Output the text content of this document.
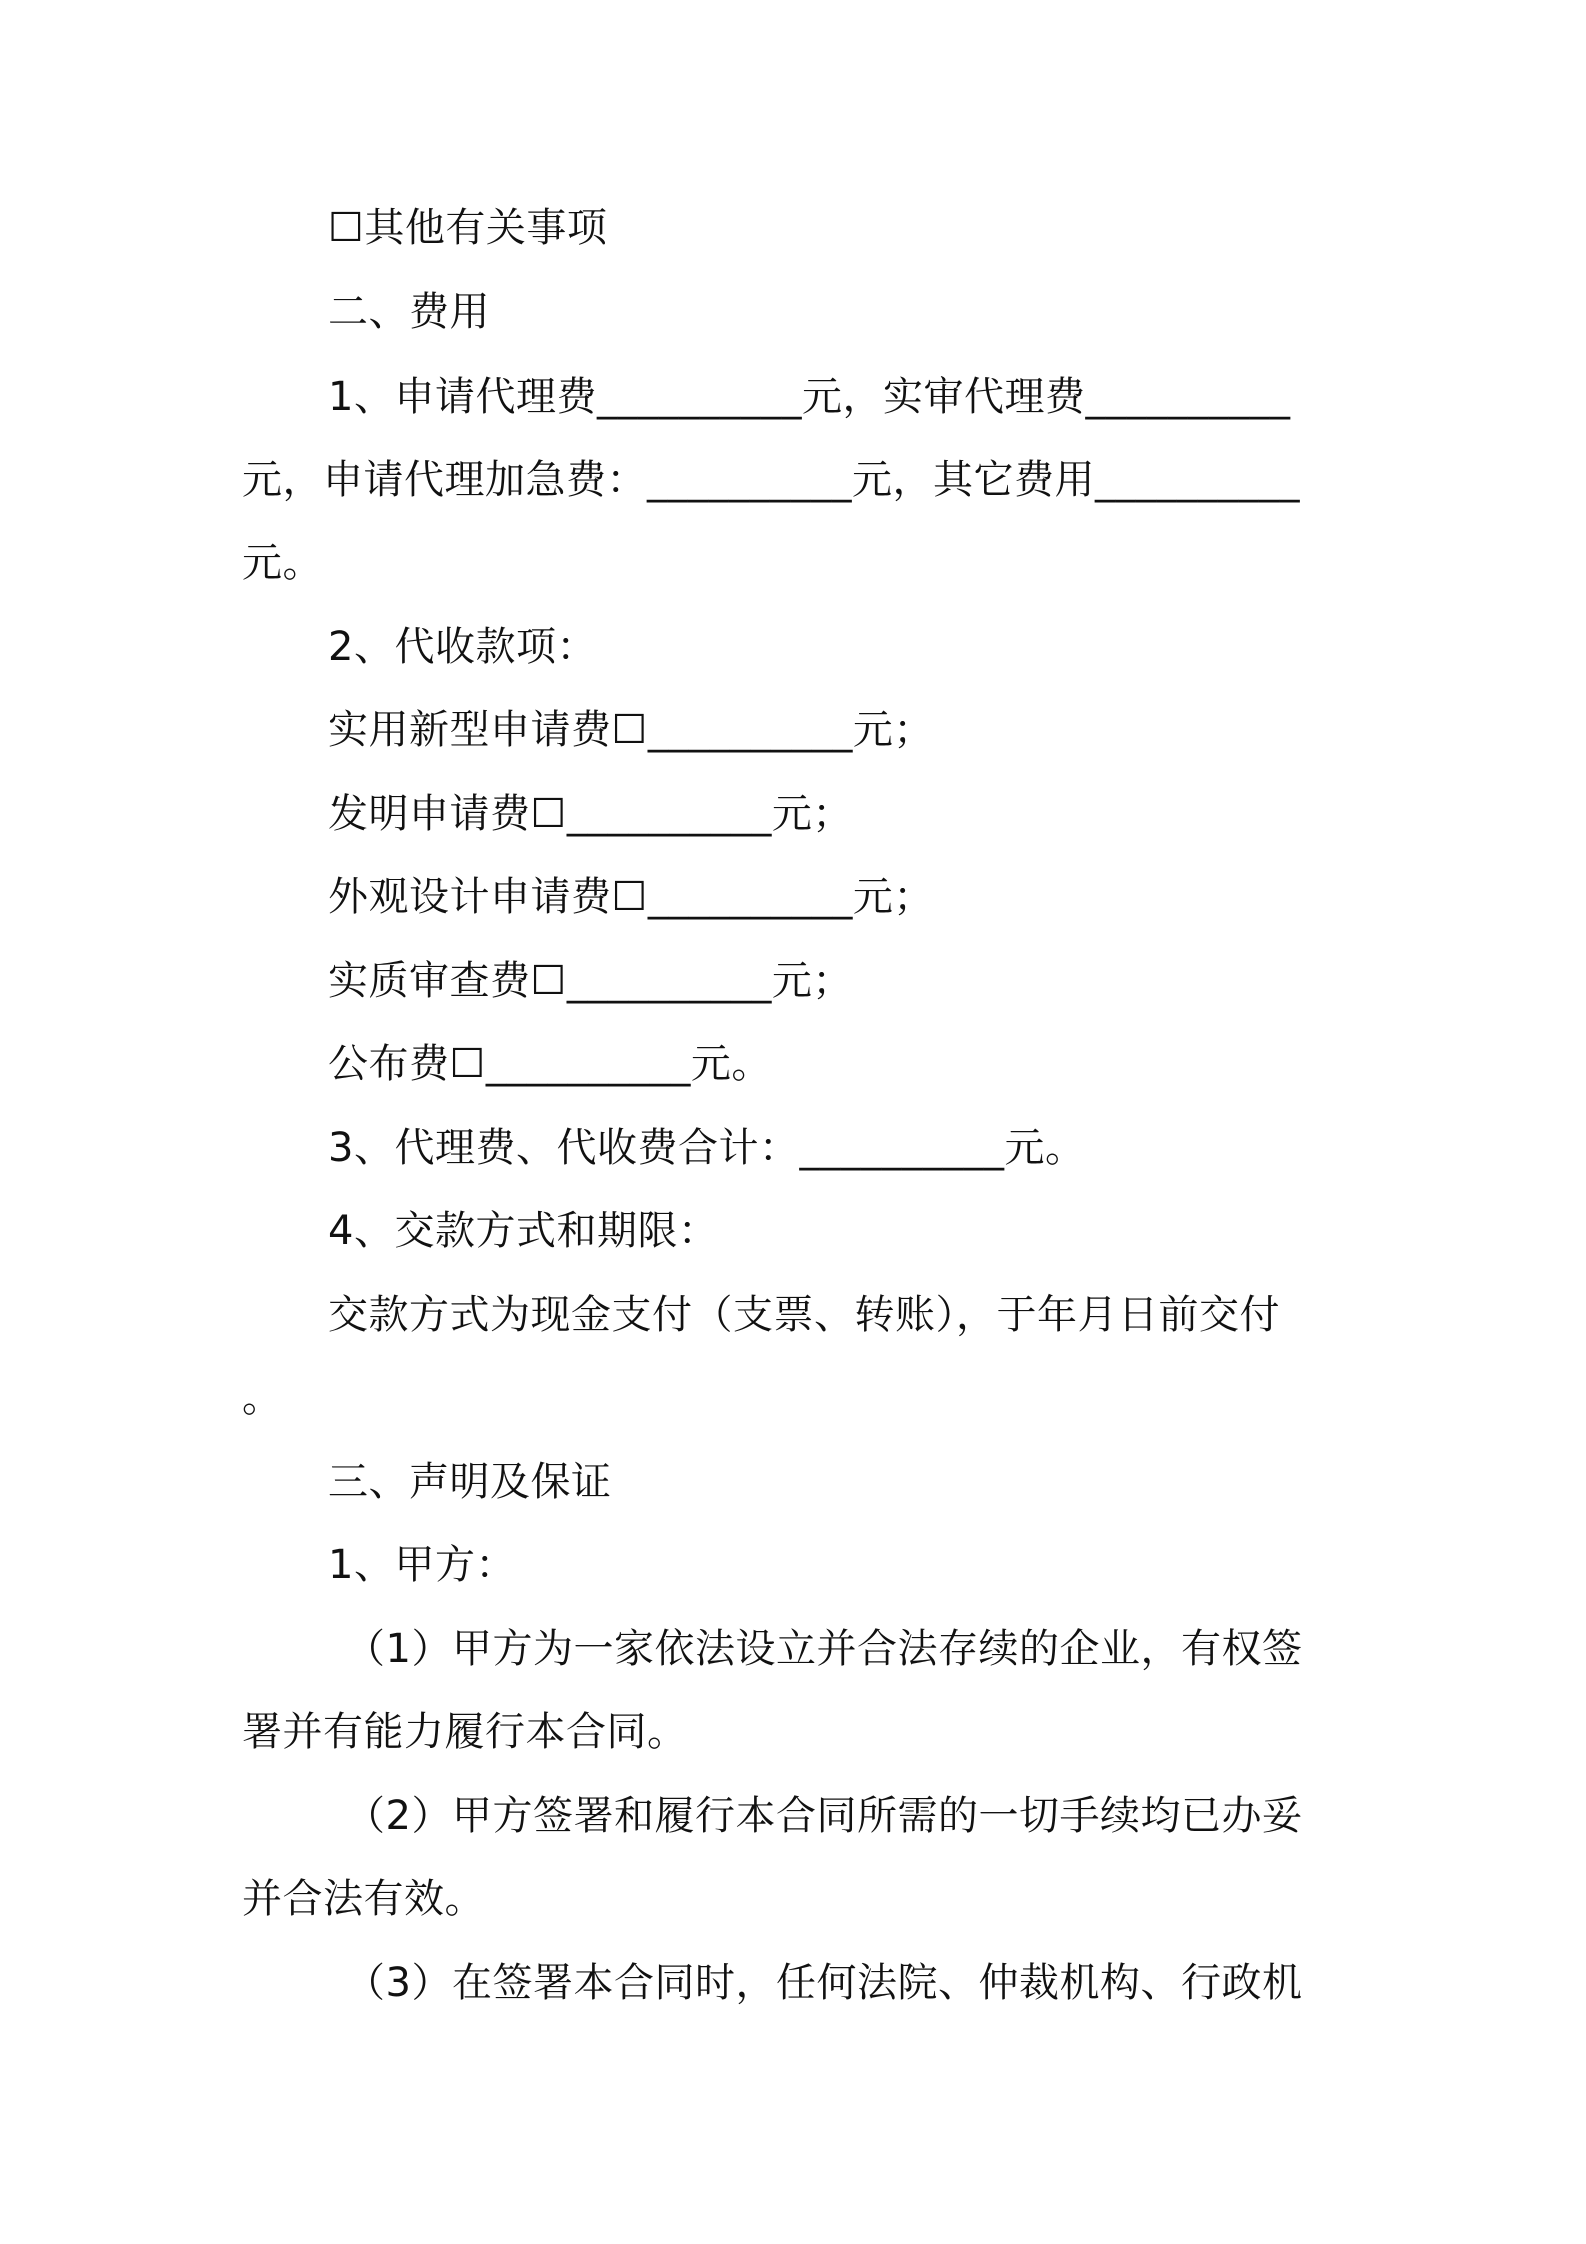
☐其他有关事项
二、费用
1、申请代理费__________元，实审代理费__________
元，申请代理加急费：__________元，其它费用__________
元。
2、代收款项：
实用新型申请费☐__________元；
发明申请费☐__________元；
外观设计申请费☐__________元；
实质审查费☐__________元；
公布费☐__________元。
3、代理费、代收费合计：__________元。
4、交款方式和期限：
交款方式为现金支付（支票、转账），于年月日前交付
。
三、声明及保证
1、甲方：
（1）甲方为一家依法设立并合法存续的企业，有权签
署并有能力履行本合同。
（2）甲方签署和履行本合同所需的一切手续均已办妥
并合法有效。
（3）在签署本合同时，任何法院、仲裁机构、行政机
